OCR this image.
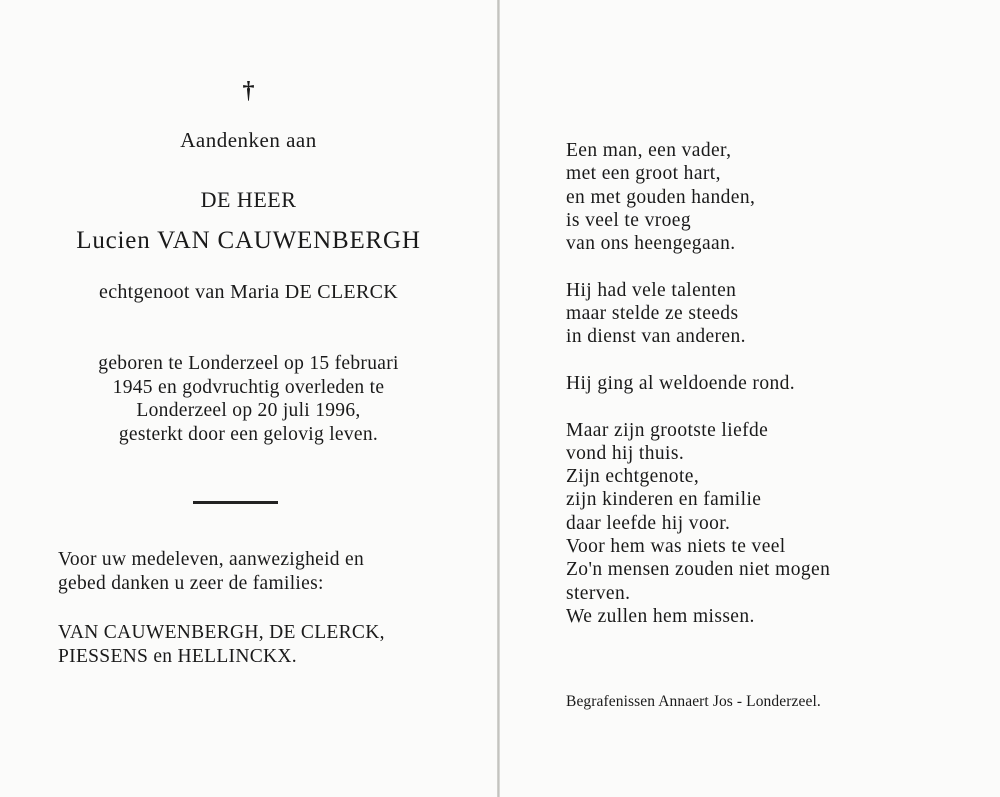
†
Aandenken aan
DE HEER
Lucien VAN CAUWENBERGH
echtgenoot van Maria DE CLERCK
geboren te Londerzeel op 15 februari
1945 en godvruchtig overleden te
Londerzeel op 20 juli 1996,
gesterkt door een gelovig leven.
Voor uw medeleven, aanwezigheid en
gebed danken u zeer de families:
VAN CAUWENBERGH, DE CLERCK,
PIESSENS en HELLINCKX.
Een man, een vader,
met een groot hart,
en met gouden handen,
is veel te vroeg
van ons heengegaan.
Hij had vele talenten
maar stelde ze steeds
in dienst van anderen.
Hij ging al weldoende rond.
Maar zijn grootste liefde
vond hij thuis.
Zijn echtgenote,
zijn kinderen en familie
daar leefde hij voor.
Voor hem was niets te veel
Zo'n mensen zouden niet mogen
sterven.
We zullen hem missen.
Begrafenissen Annaert Jos - Londerzeel.
